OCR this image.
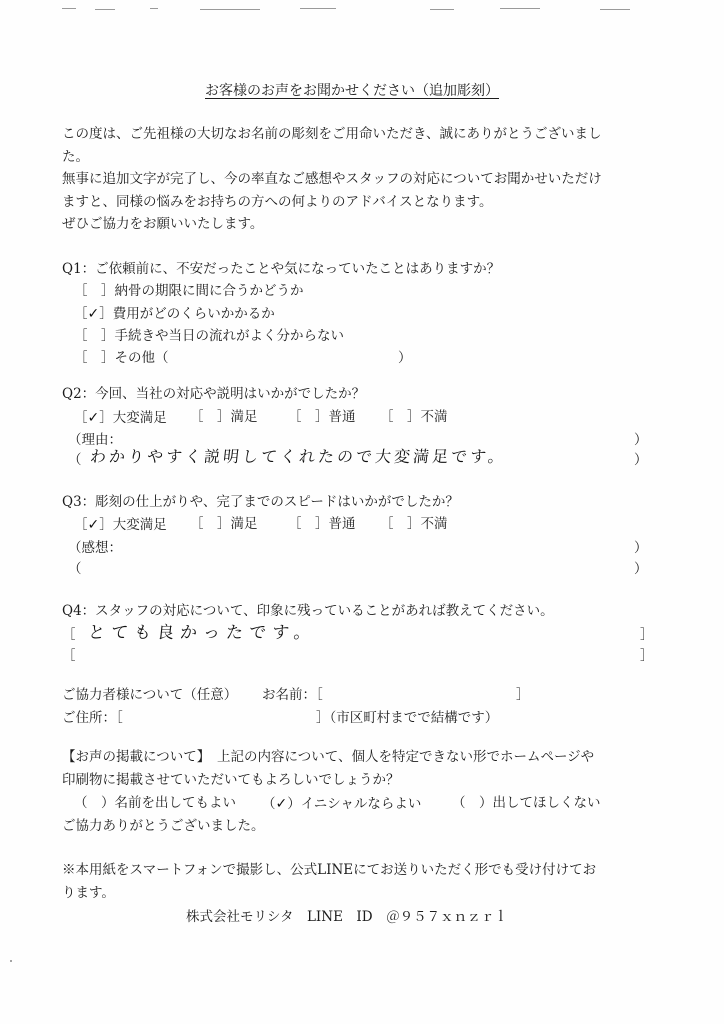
お客様のお声をお聞かせください（追加彫刻）
この度は、ご先祖様の大切なお名前の彫刻をご用命いただき、誠にありがとうございまし
た。
無事に追加文字が完了し、今の率直なご感想やスタッフの対応についてお聞かせいただけ
ますと、同様の悩みをお持ちの方への何よりのアドバイスとなります。
ぜひご協力をお願いいたします。
Q1：ご依頼前に、不安だったことや気になっていたことはありますか？
［　］納骨の期限に間に合うかどうか
［✓］費用がどのくらいかかるか
［　］手続きや当日の流れがよく分からない
［　］その他（	）
Q2：今回、当社の対応や説明はいかがでしたか？
［✓］大変満足 ［　］満足 ［　］普通 ［　］不満
（理由：	）
（ わかりやすく説明してくれたので大変満足です。	）
Q3：彫刻の仕上がりや、完了までのスピードはいかがでしたか？
［✓］大変満足 ［　］満足 ［　］普通 ［　］不満
（感想：	）
（	）
Q4：スタッフの対応について、印象に残っていることがあれば教えてください。
［ とても良かったです。	］
［	］
ご協力者様について（任意） お名前：［	］
ご住所：［	］（市区町村までで結構です）
【お声の掲載について】　上記の内容について、個人を特定できない形でホームページや
印刷物に掲載させていただいてもよろしいでしょうか？
（　）名前を出してもよい （✓）イニシャルならよい （　）出してほしくない
ご協力ありがとうございました。
※本用紙をスマートフォンで撮影し、公式LINEにてお送りいただく形でも受け付けてお
ります。
株式会社モリシタ　LINE　ID　＠９５７ｘｎｚｒｌ
